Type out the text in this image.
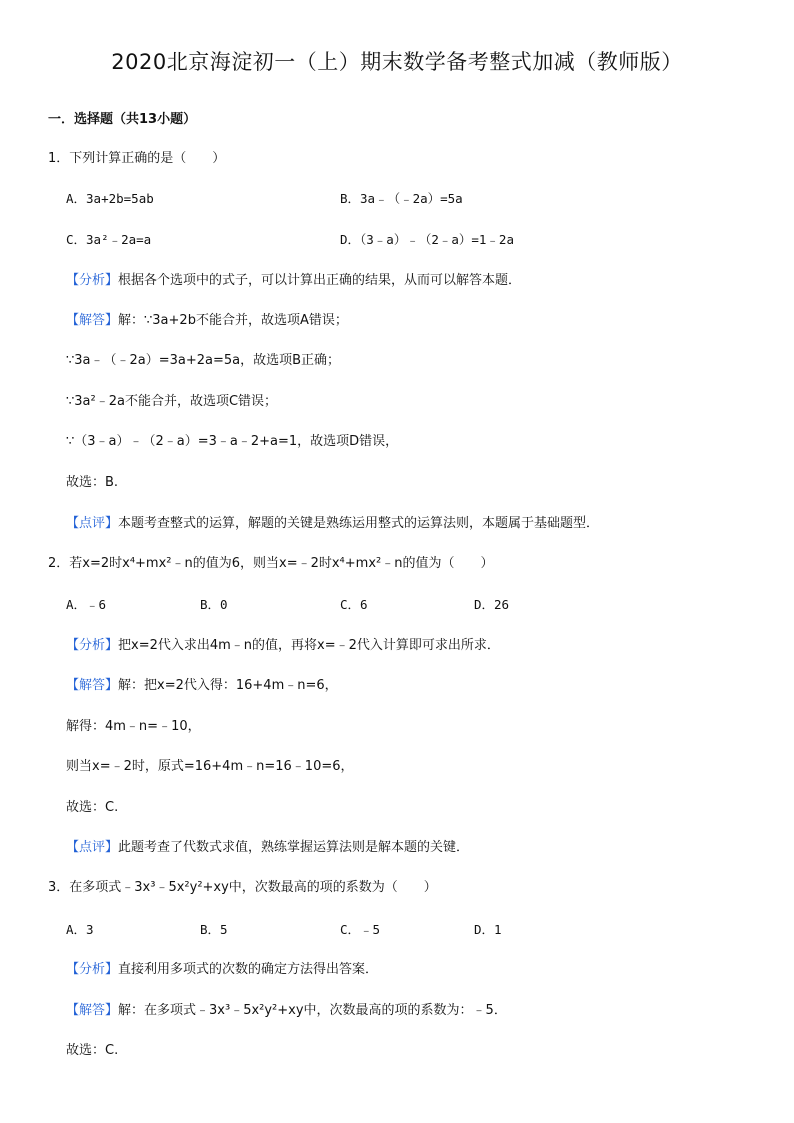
2020北京海淀初一（上）期末数学备考整式加减（教师版）
一．选择题（共13小题）
1．下列计算正确的是（　　）
A．3a+2b=5ab	B．3a﹣（﹣2a）=5a
C．3a²﹣2a=a	D．（3﹣a）﹣（2﹣a）=1﹣2a
【分析】根据各个选项中的式子，可以计算出正确的结果，从而可以解答本题．
【解答】解：∵3a+2b不能合并，故选项A错误；
∵3a﹣（﹣2a）=3a+2a=5a，故选项B正确；
∵3a²﹣2a不能合并，故选项C错误；
∵（3﹣a）﹣（2﹣a）=3﹣a﹣2+a=1，故选项D错误，
故选：B.
【点评】本题考查整式的运算，解题的关键是熟练运用整式的运算法则，本题属于基础题型．
2．若x=2时x⁴+mx²﹣n的值为6，则当x=﹣2时x⁴+mx²﹣n的值为（　　）
A．﹣6	B．0	C．6	D．26
【分析】把x=2代入求出4m﹣n的值，再将x=﹣2代入计算即可求出所求．
【解答】解：把x=2代入得：16+4m﹣n=6，
解得：4m﹣n=﹣10，
则当x=﹣2时，原式=16+4m﹣n=16﹣10=6，
故选：C.
【点评】此题考查了代数式求值，熟练掌握运算法则是解本题的关键．
3．在多项式﹣3x³﹣5x²y²+xy中，次数最高的项的系数为（　　）
A．3	B．5	C．﹣5	D．1
【分析】直接利用多项式的次数的确定方法得出答案．
【解答】解：在多项式﹣3x³﹣5x²y²+xy中，次数最高的项的系数为：﹣5．
故选：C.
